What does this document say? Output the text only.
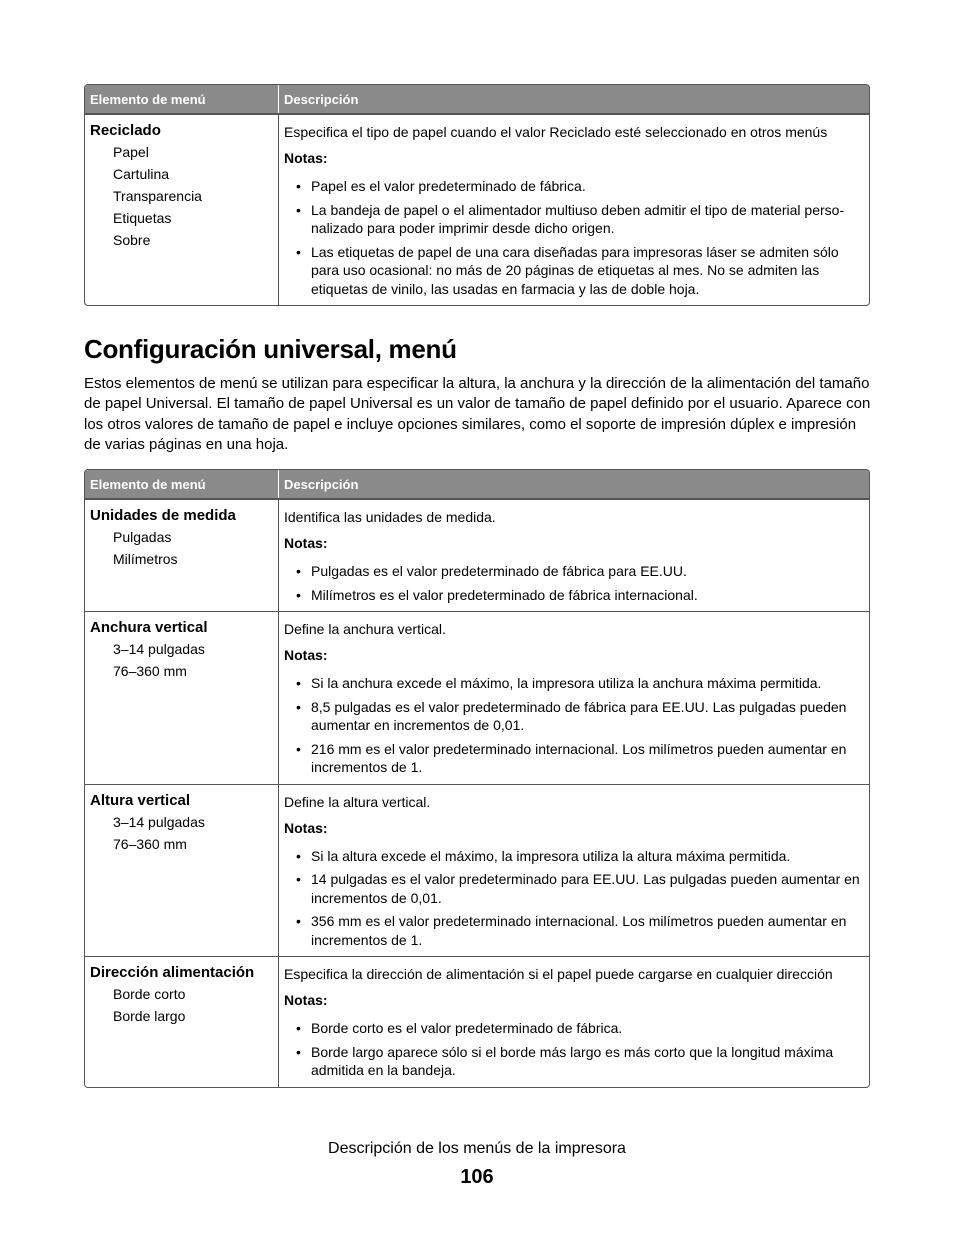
Elemento de menú	Descripción
Reciclado
Papel
Cartulina
Transparencia
Etiquetas
Sobre

Especifica el tipo de papel cuando el valor Reciclado esté seleccionado en otros menús

Notas:

• Papel es el valor predeterminado de fábrica.
• La bandeja de papel o el alimentador multiuso deben admitir el tipo de material perso-nalizado para poder imprimir desde dicho origen.
• Las etiquetas de papel de una cara diseñadas para impresoras láser se admiten sólo para uso ocasional: no más de 20 páginas de etiquetas al mes. No se admiten las etiquetas de vinilo, las usadas en farmacia y las de doble hoja.
Configuración universal, menú

Estos elementos de menú se utilizan para especificar la altura, la anchura y la dirección de la alimentación del tamaño de papel Universal. El tamaño de papel Universal es un valor de tamaño de papel definido por el usuario. Aparece con los otros valores de tamaño de papel e incluye opciones similares, como el soporte de impresión dúplex e impresión de varias páginas en una hoja.

Elemento de menú	Descripción
Unidades de medida
Pulgadas
Milímetros

Identifica las unidades de medida.

Notas:

• Pulgadas es el valor predeterminado de fábrica para EE.UU.
• Milímetros es el valor predeterminado de fábrica internacional.
Anchura vertical
3–14 pulgadas
76–360 mm

Define la anchura vertical.

Notas:

• Si la anchura excede el máximo, la impresora utiliza la anchura máxima permitida.
• 8,5 pulgadas es el valor predeterminado de fábrica para EE.UU. Las pulgadas pueden aumentar en incrementos de 0,01.
• 216 mm es el valor predeterminado internacional. Los milímetros pueden aumentar en incrementos de 1.
Altura vertical
3–14 pulgadas
76–360 mm

Define la altura vertical.

Notas:

• Si la altura excede el máximo, la impresora utiliza la altura máxima permitida.
• 14 pulgadas es el valor predeterminado para EE.UU. Las pulgadas pueden aumentar en incrementos de 0,01.
• 356 mm es el valor predeterminado internacional. Los milímetros pueden aumentar en incrementos de 1.
Dirección alimentación
Borde corto
Borde largo

Especifica la dirección de alimentación si el papel puede cargarse en cualquier dirección

Notas:

• Borde corto es el valor predeterminado de fábrica.
• Borde largo aparece sólo si el borde más largo es más corto que la longitud máxima admitida en la bandeja.
Descripción de los menús de la impresora
106
